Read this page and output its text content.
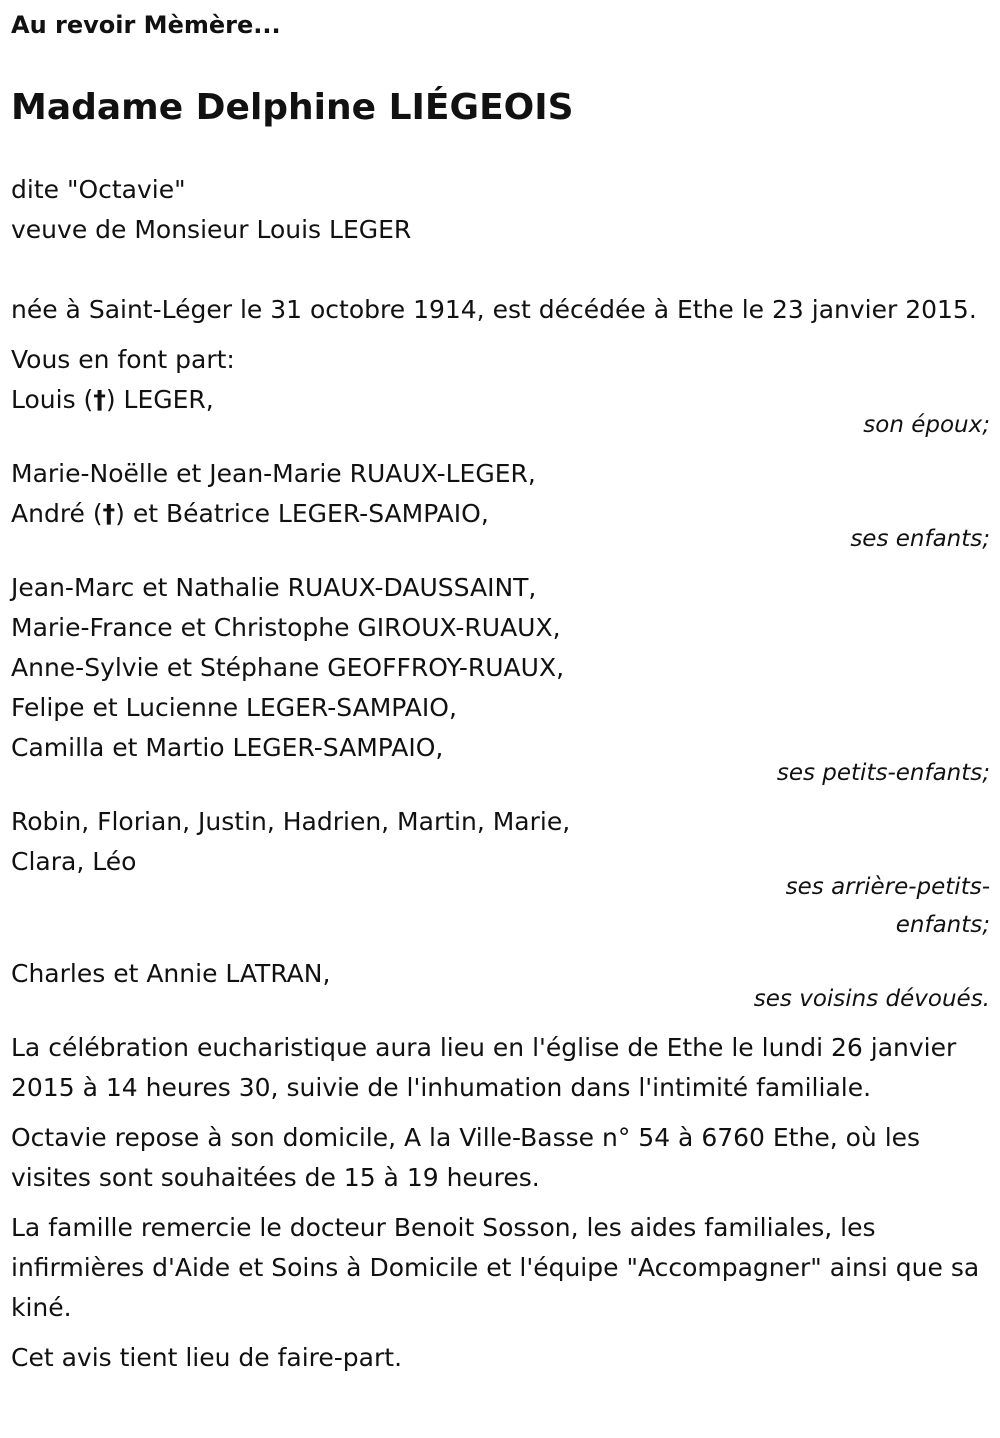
Au revoir Mèmère...

Madame Delphine LIÉGEOIS

dite "Octavie"

veuve de Monsieur Louis LEGER

née à Saint-Léger le 31 octobre 1914, est décédée à Ethe le 23 janvier 2015.

Vous en font part:

Louis (†) LEGER,

son époux;

Marie-Noëlle et Jean-Marie RUAUX-LEGER,

André (†) et Béatrice LEGER-SAMPAIO,

ses enfants;

Jean-Marc et Nathalie RUAUX-DAUSSAINT,

Marie-France et Christophe GIROUX-RUAUX,

Anne-Sylvie et Stéphane GEOFFROY-RUAUX,

Felipe et Lucienne LEGER-SAMPAIO,

Camilla et Martio LEGER-SAMPAIO,

ses petits-enfants;

Robin, Florian, Justin, Hadrien, Martin, Marie,

Clara, Léo

ses arrière-petits-enfants;

Charles et Annie LATRAN,

ses voisins dévoués.

La célébration eucharistique aura lieu en l'église de Ethe le lundi 26 janvier 2015 à 14 heures 30, suivie de l'inhumation dans l'intimité familiale.

Octavie repose à son domicile, A la Ville-Basse n° 54 à 6760 Ethe, où les visites sont souhaitées de 15 à 19 heures.

La famille remercie le docteur Benoit Sosson, les aides familiales, les infirmières d'Aide et Soins à Domicile et l'équipe "Accompagner" ainsi que sa kiné.

Cet avis tient lieu de faire-part.
